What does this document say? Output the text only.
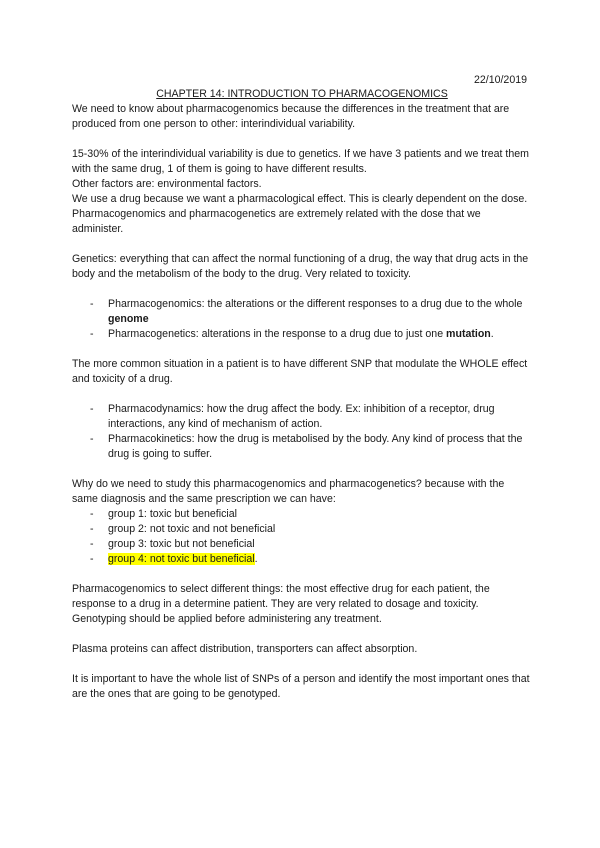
22/10/2019

CHAPTER 14: INTRODUCTION TO PHARMACOGENOMICS

We need to know about pharmacogenomics because the differences in the treatment that are produced from one person to other: interindividual variability.

15-30% of the interindividual variability is due to genetics. If we have 3 patients and we treat them with the same drug, 1 of them is going to have different results.

Other factors are: environmental factors.

We use a drug because we want a pharmacological effect. This is clearly dependent on the dose.

Pharmacogenomics and pharmacogenetics are extremely related with the dose that we administer.

Genetics: everything that can affect the normal functioning of a drug, the way that drug acts in the body and the metabolism of the body to the drug. Very related to toxicity.

- Pharmacogenomics: the alterations or the different responses to a drug due to the whole genome
- Pharmacogenetics: alterations in the response to a drug due to just one mutation.

The more common situation in a patient is to have different SNP that modulate the WHOLE effect and toxicity of a drug.

- Pharmacodynamics: how the drug affect the body. Ex: inhibition of a receptor, drug interactions, any kind of mechanism of action.
- Pharmacokinetics: how the drug is metabolised by the body. Any kind of process that the drug is going to suffer.

Why do we need to study this pharmacogenomics and pharmacogenetics? because with the same diagnosis and the same prescription we can have:

- group 1: toxic but beneficial
- group 2: not toxic and not beneficial
- group 3: toxic but not beneficial
- group 4: not toxic but beneficial.

Pharmacogenomics to select different things: the most effective drug for each patient, the response to a drug in a determine patient. They are very related to dosage and toxicity. Genotyping should be applied before administering any treatment.

Plasma proteins can affect distribution, transporters can affect absorption.

It is important to have the whole list of SNPs of a person and identify the most important ones that are the ones that are going to be genotyped.
